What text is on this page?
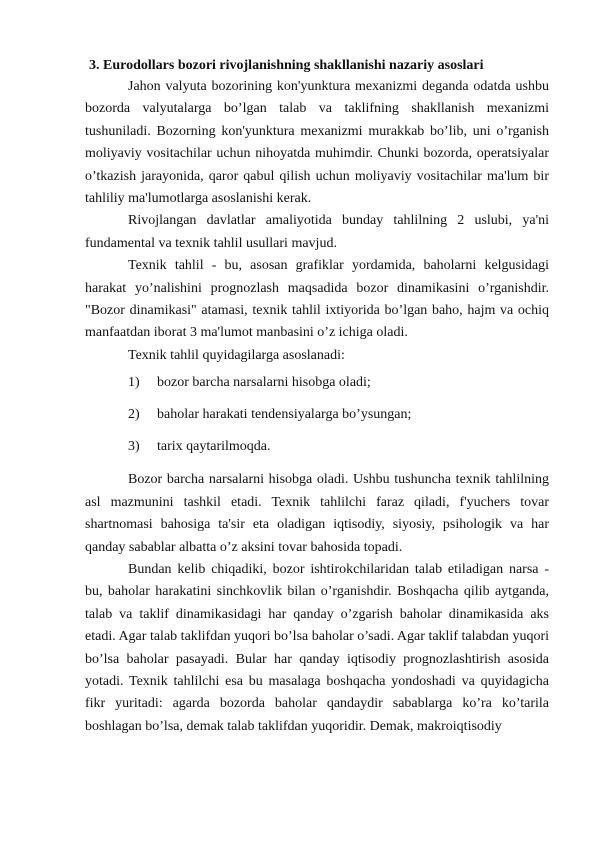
3. Eurodollars bozori rivojlanishning shakllanishi nazariy asoslari

Jahon valyuta bozorining kon'yunktura mexanizmi deganda odatda ushbu bozorda valyutalarga bo’lgan talab va taklifning shakllanish mexanizmi tushuniladi. Bozorning kon'yunktura mexanizmi murakkab bo’lib, uni o’rganish moliyaviy vositachilar uchun nihoyatda muhimdir. Chunki bozorda, operatsiyalar o’tkazish jarayonida, qaror qabul qilish uchun moliyaviy vositachilar ma'lum bir tahliliy ma'lumotlarga asoslanishi kerak.

Rivojlangan davlatlar amaliyotida bunday tahlilning 2 uslubi, ya'ni fundamental va texnik tahlil usullari mavjud.

Texnik tahlil - bu, asosan grafiklar yordamida, baholarni kelgusidagi harakat yo’nalishini prognozlash maqsadida bozor dinamikasini o’rganishdir. "Bozor dinamikasi" atamasi, texnik tahlil ixtiyorida bo’lgan baho, hajm va ochiq manfaatdan iborat 3 ma'lumot manbasini o’z ichiga oladi.

Texnik tahlil quyidagilarga asoslanadi:

1) bozor barcha narsalarni hisobga oladi;
2) baholar harakati tendensiyalarga bo’ysungan;
3) tarix qaytarilmoqda.

Bozor barcha narsalarni hisobga oladi. Ushbu tushuncha texnik tahlilning asl mazmunini tashkil etadi. Texnik tahlilchi faraz qiladi, f'yuchers tovar shartnomasi bahosiga ta'sir eta oladigan iqtisodiy, siyosiy, psihologik va har qanday sabablar albatta o’z aksini tovar bahosida topadi.

Bundan kelib chiqadiki, bozor ishtirokchilaridan talab etiladigan narsa - bu, baholar harakatini sinchkovlik bilan o’rganishdir. Boshqacha qilib aytganda, talab va taklif dinamikasidagi har qanday o’zgarish baholar dinamikasida aks etadi. Agar talab taklifdan yuqori bo’lsa baholar o’sadi. Agar taklif talabdan yuqori bo’lsa baholar pasayadi. Bular har qanday iqtisodiy prognozlashtirish asosida yotadi. Texnik tahlilchi esa bu masalaga boshqacha yondoshadi va quyidagicha fikr yuritadi: agarda bozorda baholar qandaydir sabablarga ko’ra ko’tarila boshlagan bo’lsa, demak talab taklifdan yuqoridir. Demak, makroiqtisodiy
